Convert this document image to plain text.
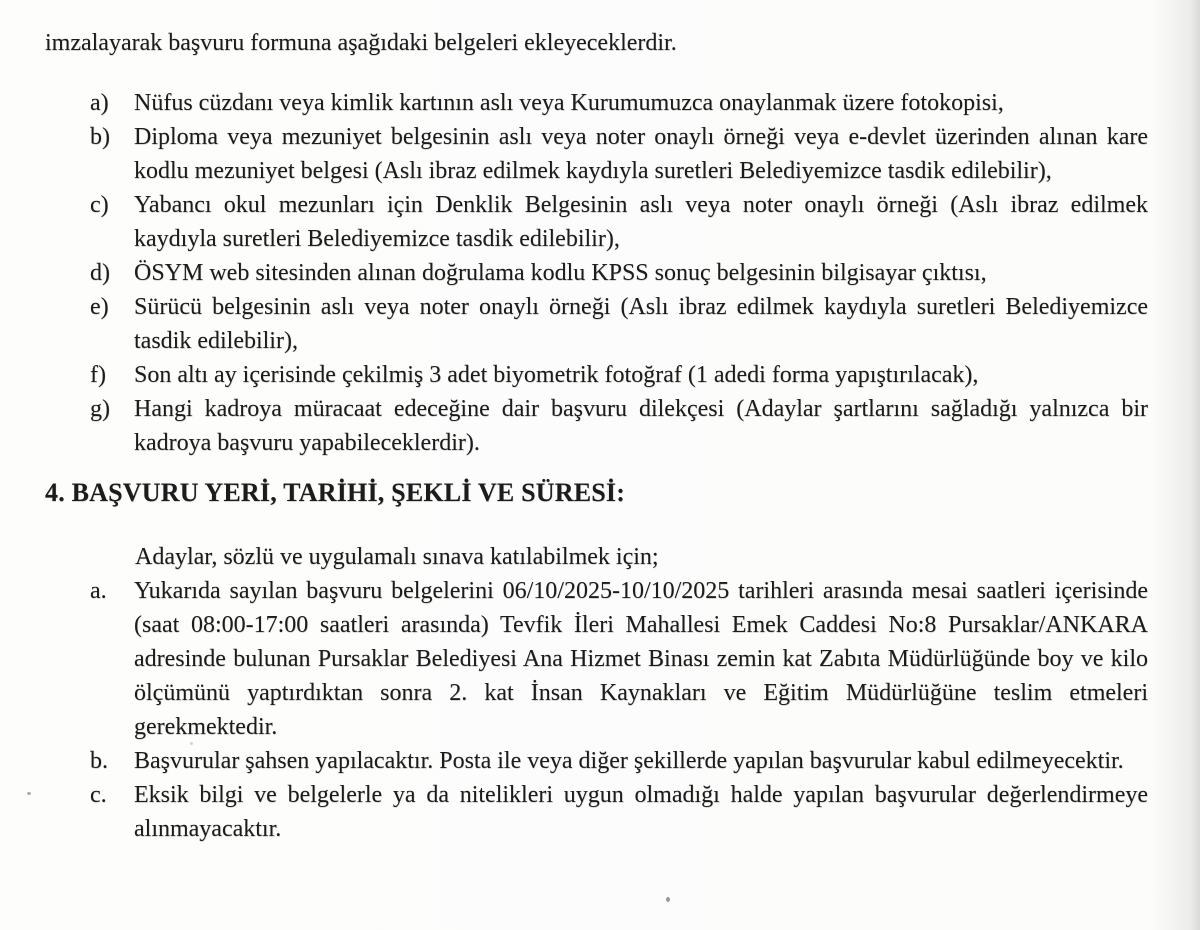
imzalayarak başvuru formuna aşağıdaki belgeleri ekleyeceklerdir.

a)	Nüfus cüzdanı veya kimlik kartının aslı veya Kurumumuzca onaylanmak üzere fotokopisi,
b)	Diploma veya mezuniyet belgesinin aslı veya noter onaylı örneği veya e-devlet üzerinden alınan kare kodlu mezuniyet belgesi (Aslı ibraz edilmek kaydıyla suretleri Belediyemizce tasdik edilebilir),
c)	Yabancı okul mezunları için Denklik Belgesinin aslı veya noter onaylı örneği (Aslı ibraz edilmek kaydıyla suretleri Belediyemizce tasdik edilebilir),
d)	ÖSYM web sitesinden alınan doğrulama kodlu KPSS sonuç belgesinin bilgisayar çıktısı,
e)	Sürücü belgesinin aslı veya noter onaylı örneği (Aslı ibraz edilmek kaydıyla suretleri Belediyemizce tasdik edilebilir),
f)	Son altı ay içerisinde çekilmiş 3 adet biyometrik fotoğraf (1 adedi forma yapıştırılacak),
g)	Hangi kadroya müracaat edeceğine dair başvuru dilekçesi (Adaylar şartlarını sağladığı yalnızca bir kadroya başvuru yapabileceklerdir).
4. BAŞVURU YERİ, TARİHİ, ŞEKLİ VE SÜRESİ:

Adaylar, sözlü ve uygulamalı sınava katılabilmek için;

a.	Yukarıda sayılan başvuru belgelerini 06/10/2025-10/10/2025 tarihleri arasında mesai saatleri içerisinde (saat 08:00-17:00 saatleri arasında) Tevfik İleri Mahallesi Emek Caddesi No:8 Pursaklar/ANKARA adresinde bulunan Pursaklar Belediyesi Ana Hizmet Binası zemin kat Zabıta Müdürlüğünde boy ve kilo ölçümünü yaptırdıktan sonra 2. kat İnsan Kaynakları ve Eğitim Müdürlüğüne teslim etmeleri gerekmektedir.
b.	Başvurular şahsen yapılacaktır. Posta ile veya diğer şekillerde yapılan başvurular kabul edilmeyecektir.
c.	Eksik bilgi ve belgelerle ya da nitelikleri uygun olmadığı halde yapılan başvurular değerlendirmeye alınmayacaktır.
